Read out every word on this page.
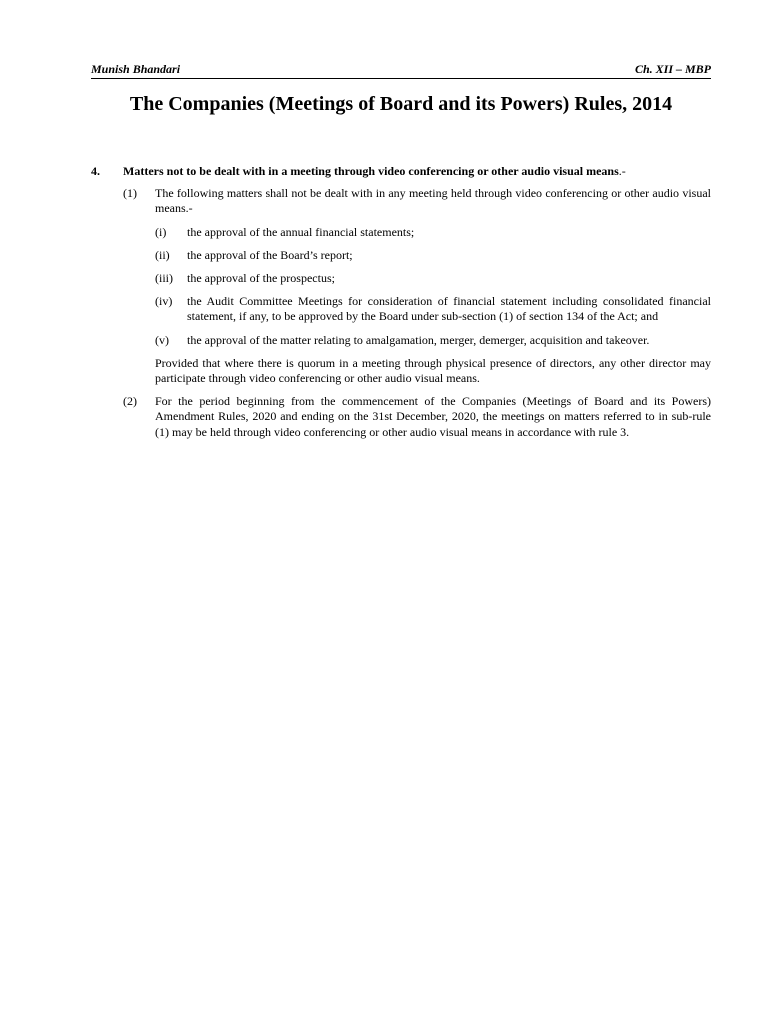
Munish Bhandari	Ch. XII – MBP
The Companies (Meetings of Board and its Powers) Rules, 2014
4. Matters not to be dealt with in a meeting through video conferencing or other audio visual means.-
(1) The following matters shall not be dealt with in any meeting held through video conferencing or other audio visual means.-
(i) the approval of the annual financial statements;
(ii) the approval of the Board’s report;
(iii) the approval of the prospectus;
(iv) the Audit Committee Meetings for consideration of financial statement including consolidated financial statement, if any, to be approved by the Board under sub-section (1) of section 134 of the Act; and
(v) the approval of the matter relating to amalgamation, merger, demerger, acquisition and takeover.
Provided that where there is quorum in a meeting through physical presence of directors, any other director may participate through video conferencing or other audio visual means.
(2) For the period beginning from the commencement of the Companies (Meetings of Board and its Powers) Amendment Rules, 2020 and ending on the 31st December, 2020, the meetings on matters referred to in sub-rule (1) may be held through video conferencing or other audio visual means in accordance with rule 3.
